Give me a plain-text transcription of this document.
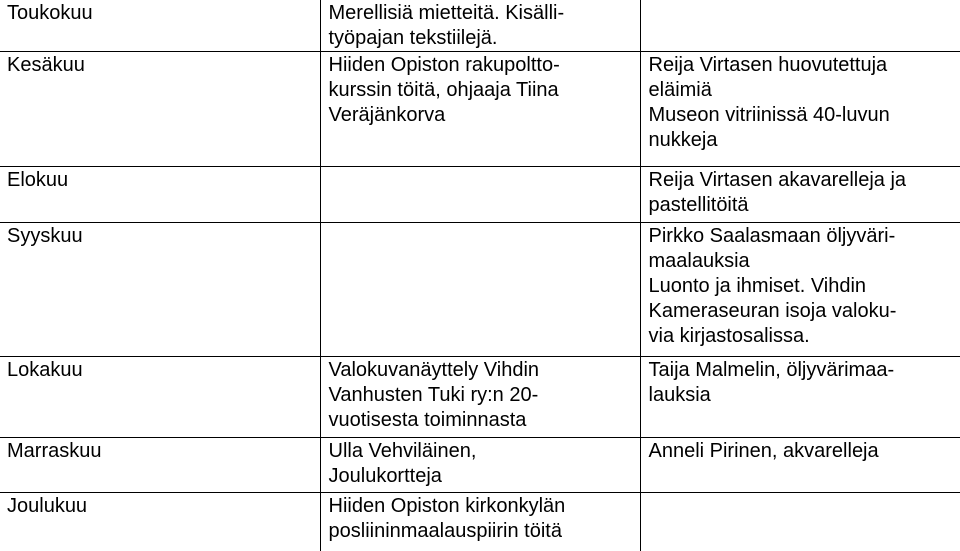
Toukokuu	Merellisiä mietteitä. Kisälli-
työpajan tekstiilejä.	

Kesäkuu	Hiiden Opiston rakupoltto-
kurssin töitä, ohjaaja Tiina
Veräjänkorva	Reija Virtasen huovutettuja
eläimiä
Museon vitriinissä 40-luvun
nukkeja

Elokuu		Reija Virtasen akavarelleja ja
pastellitöitä

Syyskuu		Pirkko Saalasmaan öljyväri-
maalauksia
Luonto ja ihmiset. Vihdin
Kameraseuran isoja valoku-
via kirjastosalissa.

Lokakuu	Valokuvanäyttely Vihdin
Vanhusten Tuki ry:n 20-
vuotisesta toiminnasta	Taija Malmelin, öljyvärimaa-
lauksia

Marraskuu	Ulla Vehviläinen,
Joulukortteja	Anneli Pirinen, akvarelleja

Joulukuu	Hiiden Opiston kirkonkylän
posliininmaalauspiirin töitä	
